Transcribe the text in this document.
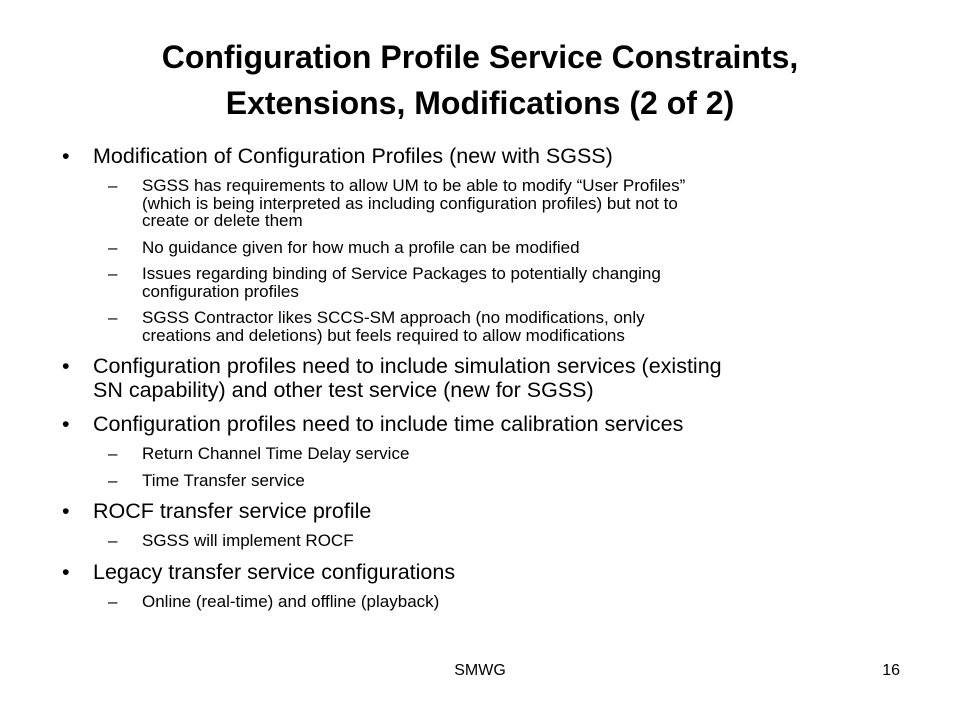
Configuration Profile Service Constraints,
Extensions, Modifications (2 of 2)
• Modification of Configuration Profiles (new with SGSS)
– SGSS has requirements to allow UM to be able to modify “User Profiles”
(which is being interpreted as including configuration profiles) but not to
create or delete them
– No guidance given for how much a profile can be modified
– Issues regarding binding of Service Packages to potentially changing
configuration profiles
– SGSS Contractor likes SCCS-SM approach (no modifications, only
creations and deletions) but feels required to allow modifications
• Configuration profiles need to include simulation services (existing
SN capability) and other test service (new for SGSS)
• Configuration profiles need to include time calibration services
– Return Channel Time Delay service
– Time Transfer service
• ROCF transfer service profile
– SGSS will implement ROCF
• Legacy transfer service configurations
– Online (real-time) and offline (playback)
SMWG	16
